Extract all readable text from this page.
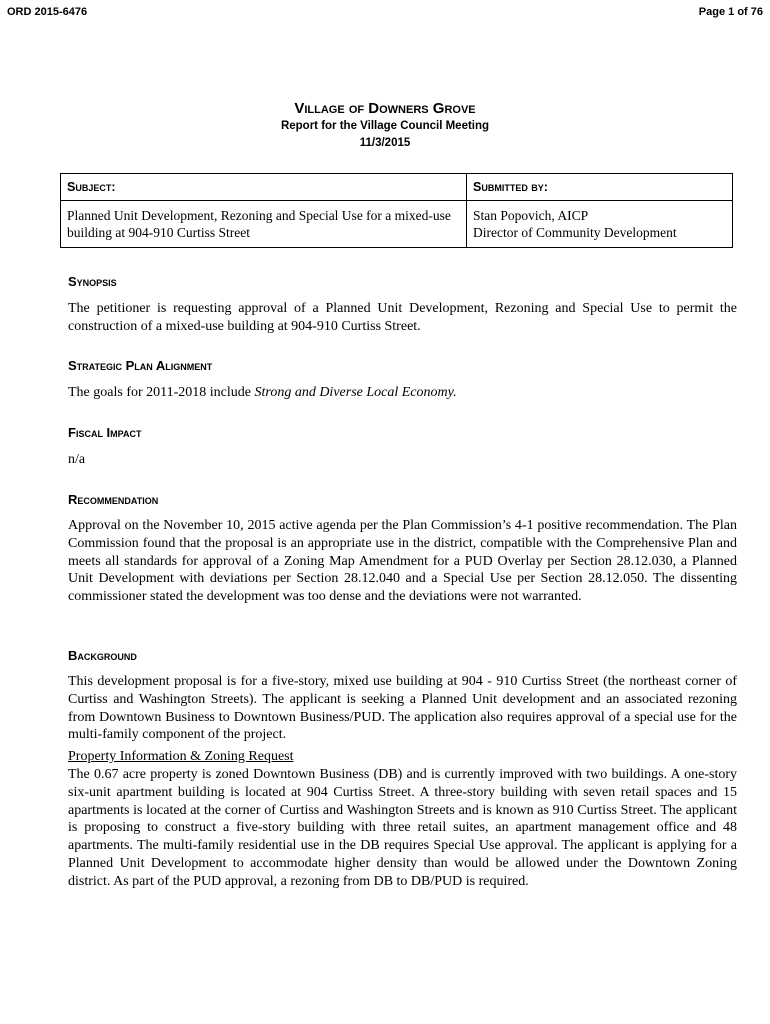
ORD 2015-6476	Page 1 of 76
Village of Downers Grove
Report for the Village Council Meeting
11/3/2015
Subject:	Submitted by:
Planned Unit Development, Rezoning and Special Use for a mixed-use building at 904-910 Curtiss Street	Stan Popovich, AICP
Director of Community Development
Synopsis
The petitioner is requesting approval of a Planned Unit Development, Rezoning and Special Use to permit the construction of a mixed-use building at 904-910 Curtiss Street.
Strategic Plan Alignment
The goals for 2011-2018 include Strong and Diverse Local Economy.
Fiscal Impact
n/a
Recommendation
Approval on the November 10, 2015 active agenda per the Plan Commission’s 4-1 positive recommendation. The Plan Commission found that the proposal is an appropriate use in the district, compatible with the Comprehensive Plan and meets all standards for approval of a Zoning Map Amendment for a PUD Overlay per Section 28.12.030, a Planned Unit Development with deviations per Section 28.12.040 and a Special Use per Section 28.12.050. The dissenting commissioner stated the development was too dense and the deviations were not warranted.
Background
This development proposal is for a five-story, mixed use building at 904 - 910 Curtiss Street (the northeast corner of Curtiss and Washington Streets). The applicant is seeking a Planned Unit development and an associated rezoning from Downtown Business to Downtown Business/PUD. The application also requires approval of a special use for the multi-family component of the project.
Property Information & Zoning Request
The 0.67 acre property is zoned Downtown Business (DB) and is currently improved with two buildings. A one-story six-unit apartment building is located at 904 Curtiss Street. A three-story building with seven retail spaces and 15 apartments is located at the corner of Curtiss and Washington Streets and is known as 910 Curtiss Street. The applicant is proposing to construct a five-story building with three retail suites, an apartment management office and 48 apartments. The multi-family residential use in the DB requires Special Use approval. The applicant is applying for a Planned Unit Development to accommodate higher density than would be allowed under the Downtown Zoning district. As part of the PUD approval, a rezoning from DB to DB/PUD is required.
